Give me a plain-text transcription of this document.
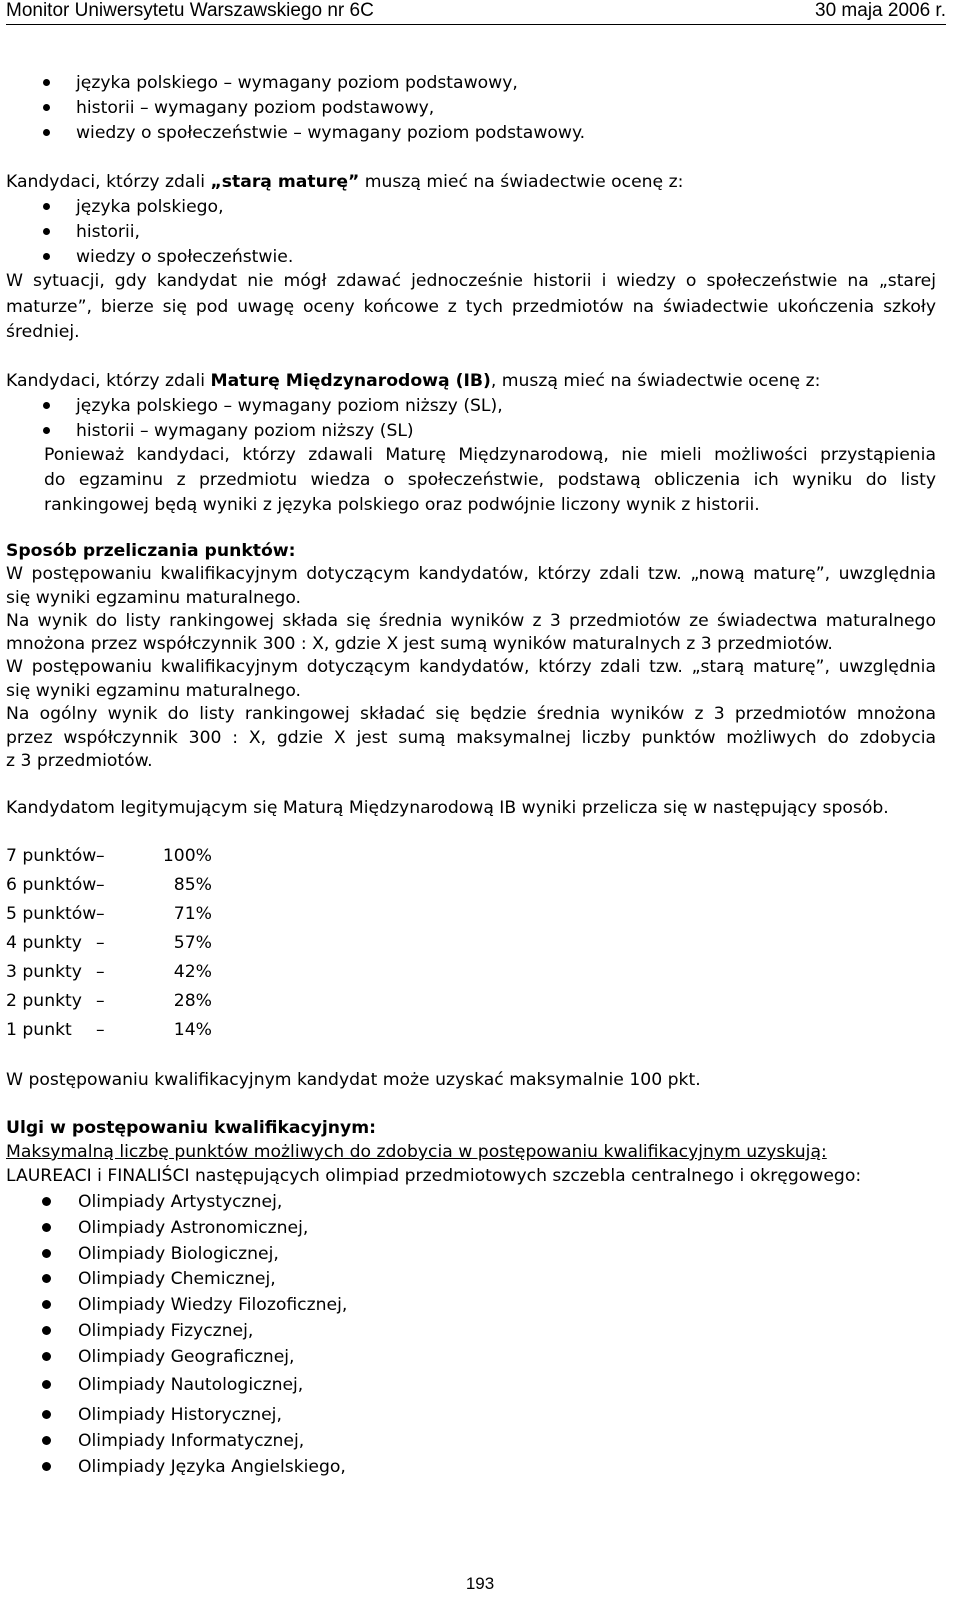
Monitor Uniwersytetu Warszawskiego nr 6C	30 maja 2006 r.
języka polskiego – wymagany poziom podstawowy,
historii – wymagany poziom podstawowy,
wiedzy o społeczeństwie – wymagany poziom podstawowy.
Kandydaci, którzy zdali „starą maturę” muszą mieć na świadectwie ocenę z:
języka polskiego,
historii,
wiedzy o społeczeństwie.
W sytuacji, gdy kandydat nie mógł zdawać jednocześnie historii i wiedzy o społeczeństwie na „starej
maturze”, bierze się pod uwagę oceny końcowe z tych przedmiotów na świadectwie ukończenia szkoły
średniej.
Kandydaci, którzy zdali Maturę Międzynarodową (IB), muszą mieć na świadectwie ocenę z:
języka polskiego – wymagany poziom niższy (SL),
historii – wymagany poziom niższy (SL)
Ponieważ kandydaci, którzy zdawali Maturę Międzynarodową, nie mieli możliwości przystąpienia
do egzaminu z przedmiotu wiedza o społeczeństwie, podstawą obliczenia ich wyniku do listy
rankingowej będą wyniki z języka polskiego oraz podwójnie liczony wynik z historii.
Sposób przeliczania punktów:
W postępowaniu kwalifikacyjnym dotyczącym kandydatów, którzy zdali tzw. „nową maturę”, uwzględnia
się wyniki egzaminu maturalnego.
Na wynik do listy rankingowej składa się średnia wyników z 3 przedmiotów ze świadectwa maturalnego
mnożona przez współczynnik 300 : X, gdzie X jest sumą wyników maturalnych z 3 przedmiotów.
W postępowaniu kwalifikacyjnym dotyczącym kandydatów, którzy zdali tzw. „starą maturę”, uwzględnia
się wyniki egzaminu maturalnego.
Na ogólny wynik do listy rankingowej składać się będzie średnia wyników z 3 przedmiotów mnożona
przez współczynnik 300 : X, gdzie X jest sumą maksymalnej liczby punktów możliwych do zdobycia
z 3 przedmiotów.
Kandydatom legitymującym się Maturą Międzynarodową IB wyniki przelicza się w następujący sposób.
7 punktów –	100%
6 punktów –	85%
5 punktów –	71%
4 punkty –	57%
3 punkty –	42%
2 punkty –	28%
1 punkt –	14%
W postępowaniu kwalifikacyjnym kandydat może uzyskać maksymalnie 100 pkt.
Ulgi w postępowaniu kwalifikacyjnym:
Maksymalną liczbę punktów możliwych do zdobycia w postępowaniu kwalifikacyjnym uzyskują:
LAUREACI i FINALIŚCI następujących olimpiad przedmiotowych szczebla centralnego i okręgowego:
Olimpiady Artystycznej,
Olimpiady Astronomicznej,
Olimpiady Biologicznej,
Olimpiady Chemicznej,
Olimpiady Wiedzy Filozoficznej,
Olimpiady Fizycznej,
Olimpiady Geograficznej,
Olimpiady Nautologicznej,
Olimpiady Historycznej,
Olimpiady Informatycznej,
Olimpiady Języka Angielskiego,
193
